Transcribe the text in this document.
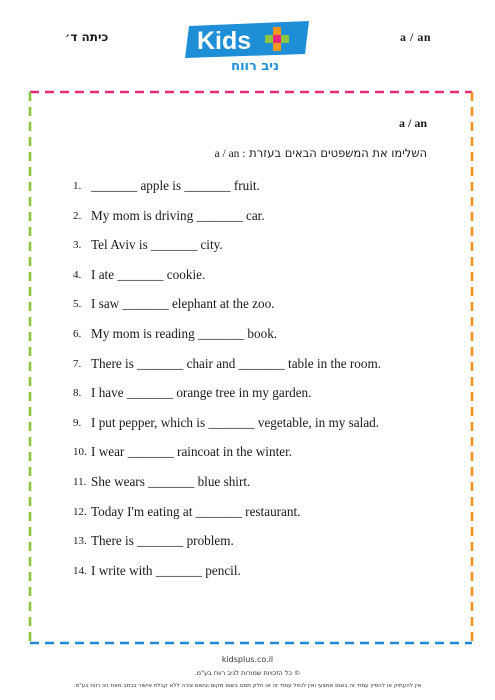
a / an
כיתה ד׳	Kids
ניב רווח
a / an
השלימו את המשפטים הבאים בעזרת a / an :
1. _______ apple is _______ fruit.
2. My mom is driving _______ car.
3. Tel Aviv is _______ city.
4. I ate _______ cookie.
5. I saw _______ elephant at the zoo.
6. My mom is reading _______ book.
7. There is _______ chair and _______ table in the room.
8. I have _______ orange tree in my garden.
9. I put pepper, which is _______ vegetable, in my salad.
10. I wear _______ raincoat in the winter.
11. She wears _______ blue shirt.
12. Today I'm eating at _______ restaurant.
13. There is _______ problem.
14. I write with _______ pencil.
kidsplus.co.il
© כל הזכויות שמורות לניב רווח בע"מ.
אין להעתיק או להפיץ עמוד זה בשום אמצעי ואין לכפל עמוד זה או חלק ממנו בשום מקום ובשום צורה ללא קבלת אישור בכתב מאת ניב רווח בע"מ.
